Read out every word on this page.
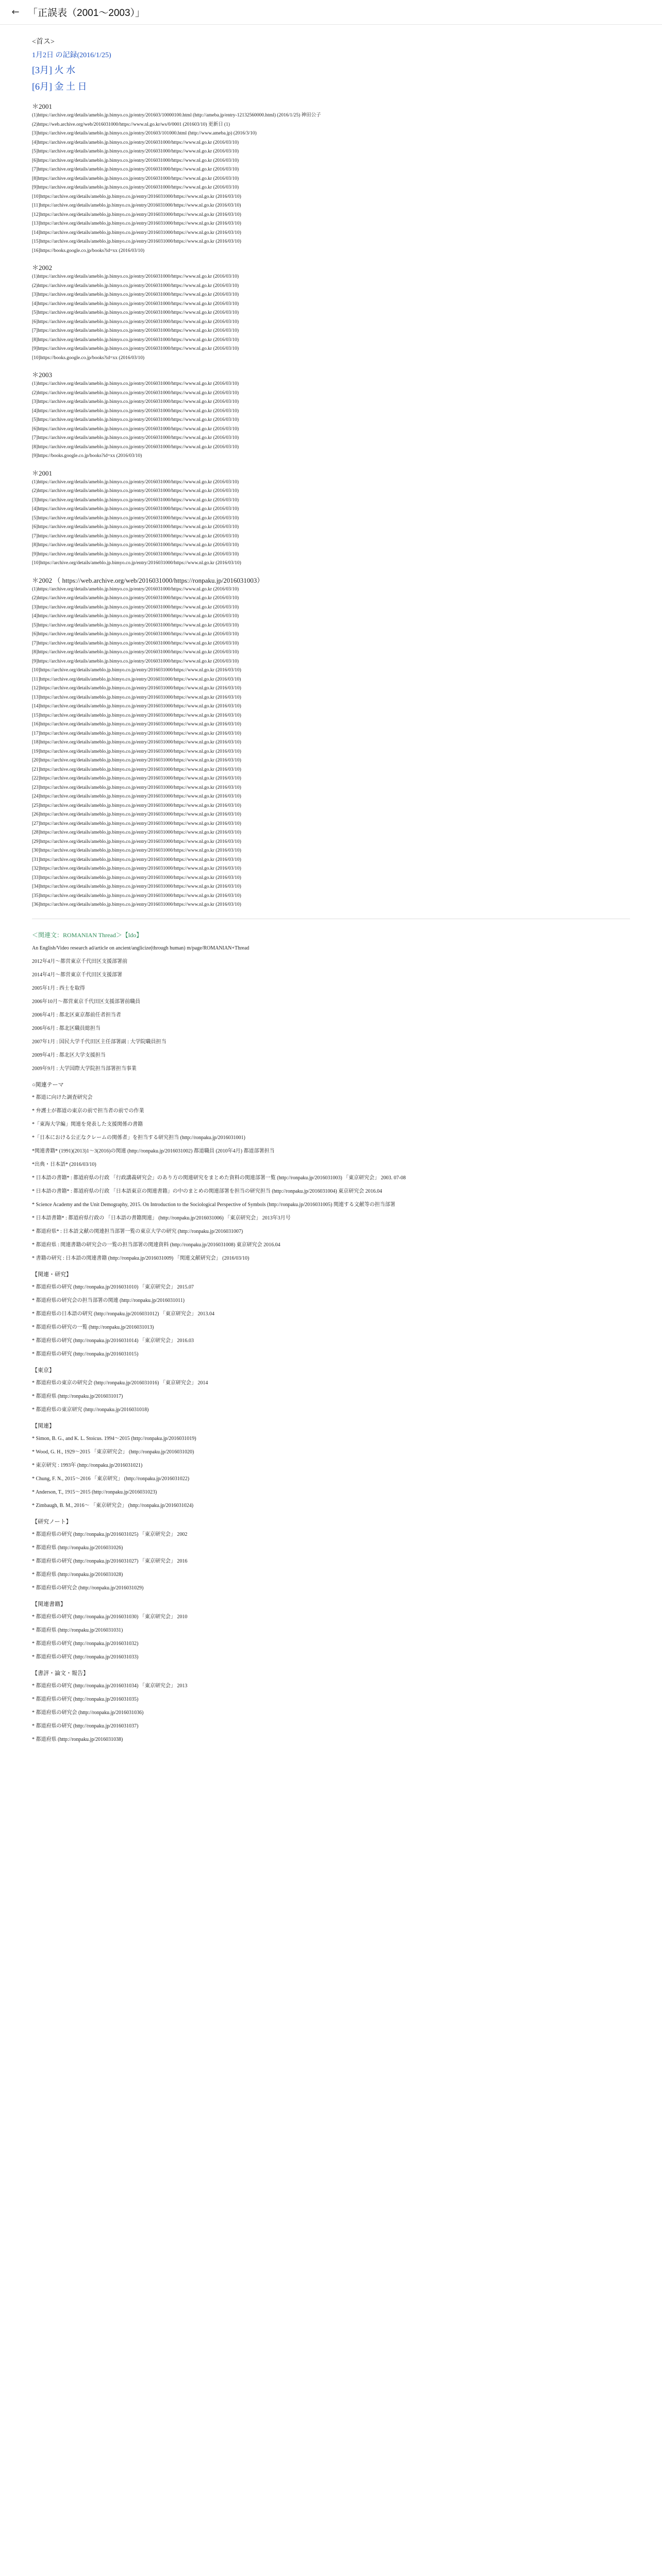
← 「正誤表（2001〜2003）」
<首ス>
1月2日 の記録(2016/1/25)
[3月] 火 水
[6月] 金 土 日
＊2001
(1)https://archive.org/details/ameblo.jp.bimyo.co.jp/entry/201603/10000100.html (http://ameba.jp/entry-12132560000.html) (2016/1/25) 神田公子
(2)https://web.archive.org/web/2016031000/https://www.nl.go.kr/ws/0/0001 (201603/10) 更新日 (1)
[3]https://archive.org/details/ameblo.jp.bimyo.co.jp/entry/201603/101000.html (http://www.ameba.jp) (2016/3/10)
[4]https://archive.org/details/ameblo.jp.bimyo.co.jp/entry/2016031000/https://www.nl.go.kr (2016/03/10)
[5]https://archive.org/details/ameblo.jp.bimyo.co.jp/entry/2016031000/https://www.nl.go.kr (2016/03/10)
[6]https://archive.org/details/ameblo.jp.bimyo.co.jp/entry/2016031000/https://www.nl.go.kr (2016/03/10)
[7]https://archive.org/details/ameblo.jp.bimyo.co.jp/entry/2016031000/https://www.nl.go.kr (2016/03/10)
[8]https://archive.org/details/ameblo.jp.bimyo.co.jp/entry/2016031000/https://www.nl.go.kr (2016/03/10)
[9]https://archive.org/details/ameblo.jp.bimyo.co.jp/entry/2016031000/https://www.nl.go.kr (2016/03/10)
[10]https://archive.org/details/ameblo.jp.bimyo.co.jp/entry/2016031000/https://www.nl.go.kr (2016/03/10)
[11]https://archive.org/details/ameblo.jp.bimyo.co.jp/entry/2016031000/https://www.nl.go.kr (2016/03/10)
[12]https://archive.org/details/ameblo.jp.bimyo.co.jp/entry/2016031000/https://www.nl.go.kr (2016/03/10)
[13]https://archive.org/details/ameblo.jp.bimyo.co.jp/entry/2016031000/https://www.nl.go.kr (2016/03/10)
[14]https://archive.org/details/ameblo.jp.bimyo.co.jp/entry/2016031000/https://www.nl.go.kr (2016/03/10)
[15]https://archive.org/details/ameblo.jp.bimyo.co.jp/entry/2016031000/https://www.nl.go.kr (2016/03/10)
[16]https://books.google.co.jp/books?id=xx (2016/03/10)
＊2002
(1)https://archive.org/details/ameblo.jp.bimyo.co.jp/entry/2016031000/https://www.nl.go.kr (2016/03/10)
(2)https://archive.org/details/ameblo.jp.bimyo.co.jp/entry/2016031000/https://www.nl.go.kr (2016/03/10)
[3]https://archive.org/details/ameblo.jp.bimyo.co.jp/entry/2016031000/https://www.nl.go.kr (2016/03/10)
[4]https://archive.org/details/ameblo.jp.bimyo.co.jp/entry/2016031000/https://www.nl.go.kr (2016/03/10)
[5]https://archive.org/details/ameblo.jp.bimyo.co.jp/entry/2016031000/https://www.nl.go.kr (2016/03/10)
[6]https://archive.org/details/ameblo.jp.bimyo.co.jp/entry/2016031000/https://www.nl.go.kr (2016/03/10)
[7]https://archive.org/details/ameblo.jp.bimyo.co.jp/entry/2016031000/https://www.nl.go.kr (2016/03/10)
[8]https://archive.org/details/ameblo.jp.bimyo.co.jp/entry/2016031000/https://www.nl.go.kr (2016/03/10)
[9]https://archive.org/details/ameblo.jp.bimyo.co.jp/entry/2016031000/https://www.nl.go.kr (2016/03/10)
[10]https://books.google.co.jp/books?id=xx (2016/03/10)
＊2003
(1)https://archive.org/details/ameblo.jp.bimyo.co.jp/entry/2016031000/https://www.nl.go.kr (2016/03/10)
(2)https://archive.org/details/ameblo.jp.bimyo.co.jp/entry/2016031000/https://www.nl.go.kr (2016/03/10)
[3]https://archive.org/details/ameblo.jp.bimyo.co.jp/entry/2016031000/https://www.nl.go.kr (2016/03/10)
[4]https://archive.org/details/ameblo.jp.bimyo.co.jp/entry/2016031000/https://www.nl.go.kr (2016/03/10)
[5]https://archive.org/details/ameblo.jp.bimyo.co.jp/entry/2016031000/https://www.nl.go.kr (2016/03/10)
[6]https://archive.org/details/ameblo.jp.bimyo.co.jp/entry/2016031000/https://www.nl.go.kr (2016/03/10)
[7]https://archive.org/details/ameblo.jp.bimyo.co.jp/entry/2016031000/https://www.nl.go.kr (2016/03/10)
[8]https://archive.org/details/ameblo.jp.bimyo.co.jp/entry/2016031000/https://www.nl.go.kr (2016/03/10)
[9]https://books.google.co.jp/books?id=xx (2016/03/10)
＊2001
(1)https://archive.org/details/ameblo.jp.bimyo.co.jp/entry/2016031000/https://www.nl.go.kr (2016/03/10)
(2)https://archive.org/details/ameblo.jp.bimyo.co.jp/entry/2016031000/https://www.nl.go.kr (2016/03/10)
[3]https://archive.org/details/ameblo.jp.bimyo.co.jp/entry/2016031000/https://www.nl.go.kr (2016/03/10)
[4]https://archive.org/details/ameblo.jp.bimyo.co.jp/entry/2016031000/https://www.nl.go.kr (2016/03/10)
[5]https://archive.org/details/ameblo.jp.bimyo.co.jp/entry/2016031000/https://www.nl.go.kr (2016/03/10)
[6]https://archive.org/details/ameblo.jp.bimyo.co.jp/entry/2016031000/https://www.nl.go.kr (2016/03/10)
[7]https://archive.org/details/ameblo.jp.bimyo.co.jp/entry/2016031000/https://www.nl.go.kr (2016/03/10)
[8]https://archive.org/details/ameblo.jp.bimyo.co.jp/entry/2016031000/https://www.nl.go.kr (2016/03/10)
[9]https://archive.org/details/ameblo.jp.bimyo.co.jp/entry/2016031000/https://www.nl.go.kr (2016/03/10)
[10]https://archive.org/details/ameblo.jp.bimyo.co.jp/entry/2016031000/https://www.nl.go.kr (2016/03/10)
＊2002 （ https://web.archive.org/web/2016031000/https://ronpaku.jp/2016031003）
(1)https://archive.org/details/ameblo.jp.bimyo.co.jp/entry/2016031000/https://www.nl.go.kr (2016/03/10)
(2)https://archive.org/details/ameblo.jp.bimyo.co.jp/entry/2016031000/https://www.nl.go.kr (2016/03/10)
[3]https://archive.org/details/ameblo.jp.bimyo.co.jp/entry/2016031000/https://www.nl.go.kr (2016/03/10)
[4]https://archive.org/details/ameblo.jp.bimyo.co.jp/entry/2016031000/https://www.nl.go.kr (2016/03/10)
[5]https://archive.org/details/ameblo.jp.bimyo.co.jp/entry/2016031000/https://www.nl.go.kr (2016/03/10)
[6]https://archive.org/details/ameblo.jp.bimyo.co.jp/entry/2016031000/https://www.nl.go.kr (2016/03/10)
[7]https://archive.org/details/ameblo.jp.bimyo.co.jp/entry/2016031000/https://www.nl.go.kr (2016/03/10)
[8]https://archive.org/details/ameblo.jp.bimyo.co.jp/entry/2016031000/https://www.nl.go.kr (2016/03/10)
[9]https://archive.org/details/ameblo.jp.bimyo.co.jp/entry/2016031000/https://www.nl.go.kr (2016/03/10)
[10]https://archive.org/details/ameblo.jp.bimyo.co.jp/entry/2016031000/https://www.nl.go.kr (2016/03/10)
[11]https://archive.org/details/ameblo.jp.bimyo.co.jp/entry/2016031000/https://www.nl.go.kr (2016/03/10)
[12]https://archive.org/details/ameblo.jp.bimyo.co.jp/entry/2016031000/https://www.nl.go.kr (2016/03/10)
[13]https://archive.org/details/ameblo.jp.bimyo.co.jp/entry/2016031000/https://www.nl.go.kr (2016/03/10)
[14]https://archive.org/details/ameblo.jp.bimyo.co.jp/entry/2016031000/https://www.nl.go.kr (2016/03/10)
[15]https://archive.org/details/ameblo.jp.bimyo.co.jp/entry/2016031000/https://www.nl.go.kr (2016/03/10)
[16]https://archive.org/details/ameblo.jp.bimyo.co.jp/entry/2016031000/https://www.nl.go.kr (2016/03/10)
[17]https://archive.org/details/ameblo.jp.bimyo.co.jp/entry/2016031000/https://www.nl.go.kr (2016/03/10)
[18]https://archive.org/details/ameblo.jp.bimyo.co.jp/entry/2016031000/https://www.nl.go.kr (2016/03/10)
[19]https://archive.org/details/ameblo.jp.bimyo.co.jp/entry/2016031000/https://www.nl.go.kr (2016/03/10)
[20]https://archive.org/details/ameblo.jp.bimyo.co.jp/entry/2016031000/https://www.nl.go.kr (2016/03/10)
[21]https://archive.org/details/ameblo.jp.bimyo.co.jp/entry/2016031000/https://www.nl.go.kr (2016/03/10)
[22]https://archive.org/details/ameblo.jp.bimyo.co.jp/entry/2016031000/https://www.nl.go.kr (2016/03/10)
[23]https://archive.org/details/ameblo.jp.bimyo.co.jp/entry/2016031000/https://www.nl.go.kr (2016/03/10)
[24]https://archive.org/details/ameblo.jp.bimyo.co.jp/entry/2016031000/https://www.nl.go.kr (2016/03/10)
[25]https://archive.org/details/ameblo.jp.bimyo.co.jp/entry/2016031000/https://www.nl.go.kr (2016/03/10)
[26]https://archive.org/details/ameblo.jp.bimyo.co.jp/entry/2016031000/https://www.nl.go.kr (2016/03/10)
[27]https://archive.org/details/ameblo.jp.bimyo.co.jp/entry/2016031000/https://www.nl.go.kr (2016/03/10)
[28]https://archive.org/details/ameblo.jp.bimyo.co.jp/entry/2016031000/https://www.nl.go.kr (2016/03/10)
[29]https://archive.org/details/ameblo.jp.bimyo.co.jp/entry/2016031000/https://www.nl.go.kr (2016/03/10)
[30]https://archive.org/details/ameblo.jp.bimyo.co.jp/entry/2016031000/https://www.nl.go.kr (2016/03/10)
[31]https://archive.org/details/ameblo.jp.bimyo.co.jp/entry/2016031000/https://www.nl.go.kr (2016/03/10)
[32]https://archive.org/details/ameblo.jp.bimyo.co.jp/entry/2016031000/https://www.nl.go.kr (2016/03/10)
[33]https://archive.org/details/ameblo.jp.bimyo.co.jp/entry/2016031000/https://www.nl.go.kr (2016/03/10)
[34]https://archive.org/details/ameblo.jp.bimyo.co.jp/entry/2016031000/https://www.nl.go.kr (2016/03/10)
[35]https://archive.org/details/ameblo.jp.bimyo.co.jp/entry/2016031000/https://www.nl.go.kr (2016/03/10)
[36]https://archive.org/details/ameblo.jp.bimyo.co.jp/entry/2016031000/https://www.nl.go.kr (2016/03/10)
＜関連文：ROMANIAN Thread＞【ldo】
An English/Video research ad/article on ancient/anglicize(through human) m/page/ROMANIAN+Thread
2012年4月〜都営東京千代田区支援部署前
2014年4月〜都営東京千代田区支援部署
2005年1月 : 西士を取得
2006年10月〜都営東京千代田区支援部署前職員
2006年4月 : 都北区東京都前任者担当者
2006年6月 : 都北区職員総担当
2007年1月 : 国民大学千代田区主任部署副 : 大学院職員担当
2009年4月 : 都北区大学支援担当
2009年9月 : 大学国際大学院担当部署担当事業
○関連テーマ
* 都道に向けた調査研究会
* 弁護士が都道の東京の前で担当者の前での作業
*「東海大学編」関連を発表した支援関係の書籍
*「日本における公正なクレームの関係者」を担当する研究担当 (http://ronpaku.jp/2016031001)
*関連書籍* (1991)(2013)1〜3(2016)の関連 (http://ronpaku.jp/2016031002) 都道職員 (2010年4月) 都道部署担当
*出典・日本語* (2016/03/10)
* 日本語の書籍* : 都道府県の行政 「行政講義研究会」のあり方の関連研究をまとめた資料の関連部署一覧 (http://ronpaku.jp/2016031003) 「東京研究会」 2003. 07-08
* 日本語の書籍* : 都道府県の行政 「日本語東京の関連書籍」の中のまとめの関連部署を担当の研究担当 (http://ronpaku.jp/2016031004) 東京研究会 2016.04
* Science Academy and the Unit Demography, 2015. On Introduction to the Sociological Perspective of Symbols (http://ronpaku.jp/2016031005) 関連する文献等の担当部署
* 日本語書籍* : 都道府県行政の 「日本語の書籍関連」 (http://ronpaku.jp/2016031006) 「東京研究会」 2013年3月号
* 都道府県* : 日本語文献の関連担当部署一覧の東京大学の研究 (http://ronpaku.jp/2016031007)
* 都道府県 : 関連書籍の研究会の一覧の担当部署の関連資料 (http://ronpaku.jp/2016031008) 東京研究会 2016.04
* 書籍の研究 : 日本語の関連書籍 (http://ronpaku.jp/2016031009) 「関連文献研究会」 (2016/03/10)
【関連・研究】
* 都道府県の研究 (http://ronpaku.jp/2016031010) 「東京研究会」 2015.07
* 都道府県の研究会の担当部署の関連 (http://ronpaku.jp/2016031011)
* 都道府県の日本語の研究 (http://ronpaku.jp/2016031012) 「東京研究会」 2013.04
* 都道府県の研究の一覧 (http://ronpaku.jp/2016031013)
* 都道府県の研究 (http://ronpaku.jp/2016031014) 「東京研究会」 2016.03
* 都道府県の研究 (http://ronpaku.jp/2016031015)
【東京】
* 都道府県の東京の研究会 (http://ronpaku.jp/2016031016) 「東京研究会」 2014
* 都道府県 (http://ronpaku.jp/2016031017)
* 都道府県の東京研究 (http://ronpaku.jp/2016031018)
【関連】
* Simon, B. G., and K. L. Stoicus. 1994〜2015 (http://ronpaku.jp/2016031019)
* Wood, G. H., 1929〜2015 「東京研究会」 (http://ronpaku.jp/2016031020)
* 東京研究 : 1993年 (http://ronpaku.jp/2016031021)
* Chung, F. N., 2015〜2016 「東京研究」 (http://ronpaku.jp/2016031022)
* Anderson, T., 1915〜2015 (http://ronpaku.jp/2016031023)
* Zimbaugh, B. M., 2016〜 「東京研究会」 (http://ronpaku.jp/2016031024)
【研究ノート】
* 都道府県の研究 (http://ronpaku.jp/2016031025) 「東京研究会」 2002
* 都道府県 (http://ronpaku.jp/2016031026)
* 都道府県の研究 (http://ronpaku.jp/2016031027) 「東京研究会」 2016
* 都道府県 (http://ronpaku.jp/2016031028)
* 都道府県の研究会 (http://ronpaku.jp/2016031029)
【関連書籍】
* 都道府県の研究 (http://ronpaku.jp/2016031030) 「東京研究会」 2010
* 都道府県 (http://ronpaku.jp/2016031031)
* 都道府県の研究 (http://ronpaku.jp/2016031032)
* 都道府県の研究 (http://ronpaku.jp/2016031033)
【書評・論文・報告】
* 都道府県の研究 (http://ronpaku.jp/2016031034) 「東京研究会」 2013
* 都道府県の研究 (http://ronpaku.jp/2016031035)
* 都道府県の研究会 (http://ronpaku.jp/2016031036)
* 都道府県の研究 (http://ronpaku.jp/2016031037)
* 都道府県 (http://ronpaku.jp/2016031038)
